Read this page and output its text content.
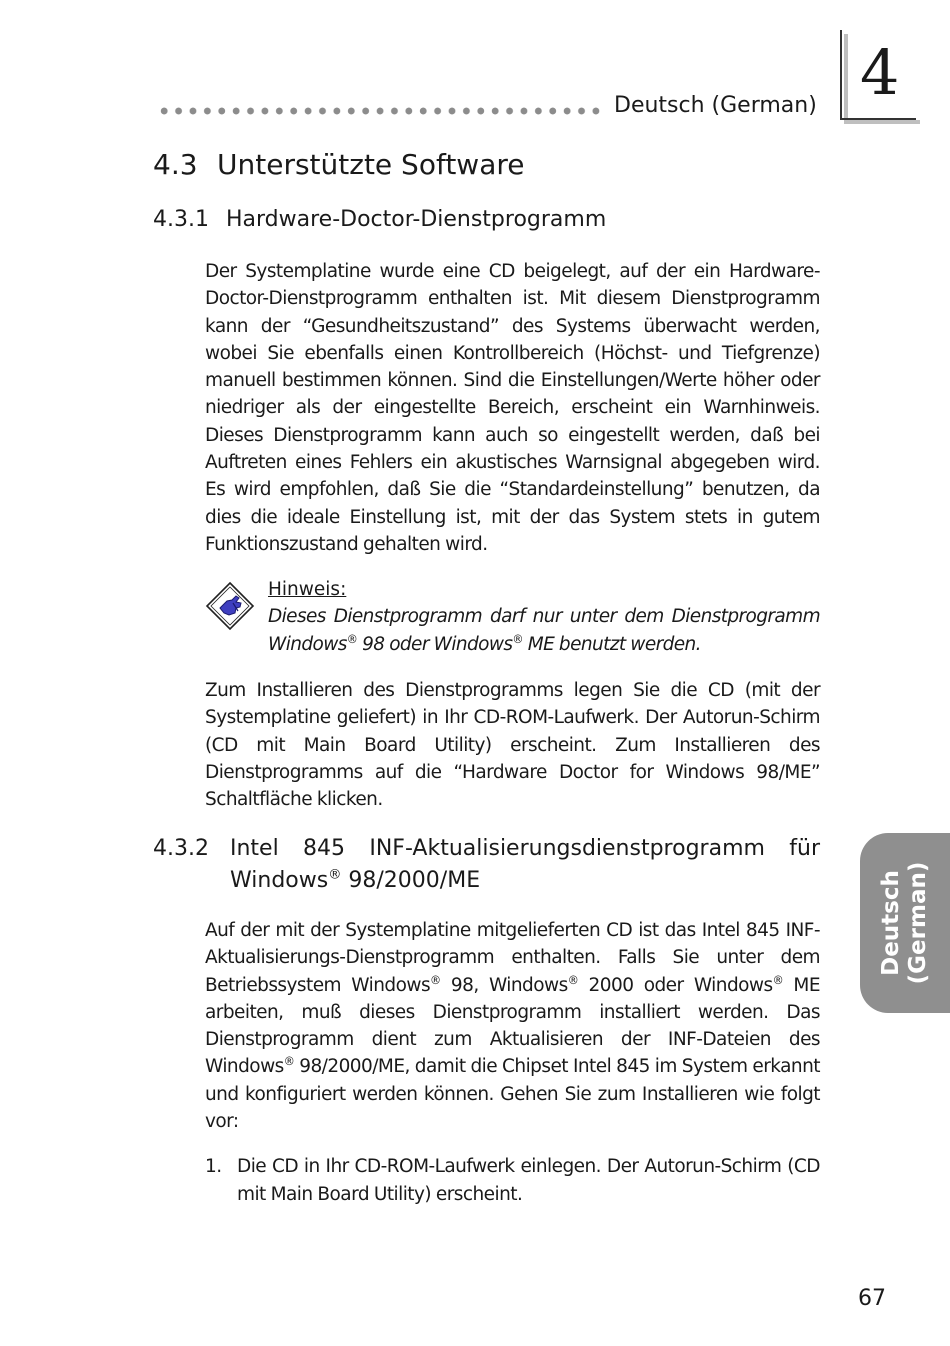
Deutsch (German) 4
4.3 Unterstützte Software
4.3.1 Hardware-Doctor-Dienstprogramm
Der Systemplatine wurde eine CD beigelegt, auf der ein Hardware-Doctor-Dienstprogramm enthalten ist. Mit diesem Dienstprogramm kann der “Gesundheitszustand” des Systems überwacht werden, wobei Sie ebenfalls einen Kontrollbereich (Höchst- und Tiefgrenze) manuell bestimmen können. Sind die Einstellungen/Werte höher oder niedriger als der eingestellte Bereich, erscheint ein Warnhinweis. Dieses Dienstprogramm kann auch so eingestellt werden, daß bei Auftreten eines Fehlers ein akustisches Warnsignal abgegeben wird. Es wird empfohlen, daß Sie die “Standardeinstellung” benutzen, da dies die ideale Einstellung ist, mit der das System stets in gutem Funktionszustand gehalten wird.
Hinweis:
Dieses Dienstprogramm darf nur unter dem Dienstprogramm Windows® 98 oder Windows® ME benutzt werden.
Zum Installieren des Dienstprogramms legen Sie die CD (mit der Systemplatine geliefert) in Ihr CD-ROM-Laufwerk. Der Autorun-Schirm (CD mit Main Board Utility) erscheint. Zum Installieren des Dienstprogramms auf die “Hardware Doctor for Windows 98/ME” Schaltfläche klicken.
4.3.2 Intel 845 INF-Aktualisierungsdienstprogramm für
Windows® 98/2000/ME
Auf der mit der Systemplatine mitgelieferten CD ist das Intel 845 INF-Aktualisierungs-Dienstprogramm enthalten. Falls Sie unter dem Betriebssystem Windows® 98, Windows® 2000 oder Windows® ME arbeiten, muß dieses Dienstprogramm installiert werden. Das Dienstprogramm dient zum Aktualisieren der INF-Dateien des Windows® 98/2000/ME, damit die Chipset Intel 845 im System erkannt und konfiguriert werden können. Gehen Sie zum Installieren wie folgt vor:
1. Die CD in Ihr CD-ROM-Laufwerk einlegen. Der Autorun-Schirm (CD mit Main Board Utility) erscheint.
Deutsch (German)
67
